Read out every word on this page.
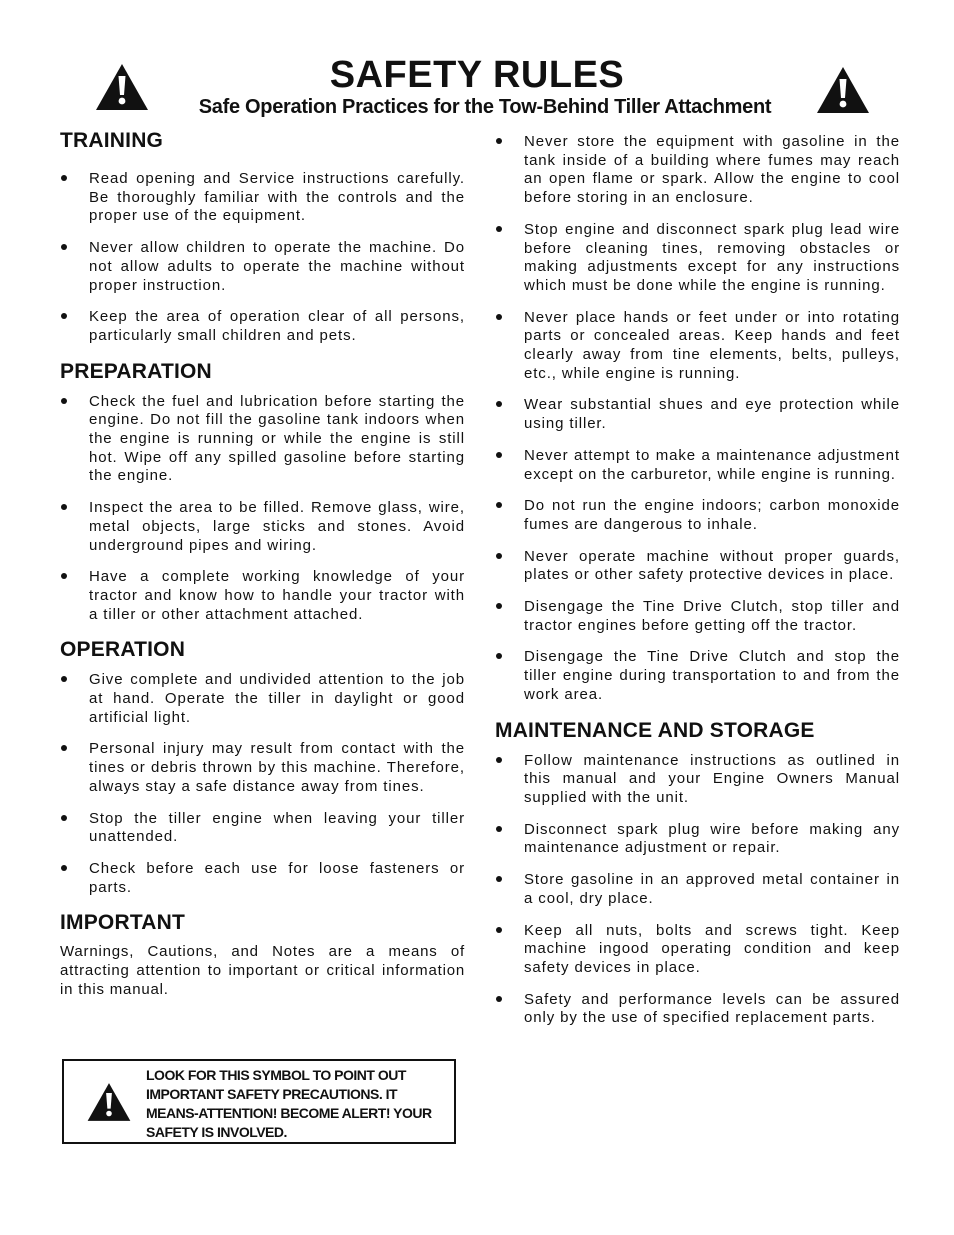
SAFETY RULES
Safe Operation Practices for the Tow-Behind Tiller Attachment
TRAINING
Read opening and Service instructions carefully. Be thoroughly familiar with the controls and the proper use of the equipment.
Never allow children to operate the machine. Do not allow adults to operate the machine without proper instruction.
Keep the area of operation clear of all persons, particularly small children and pets.
PREPARATION
Check the fuel and lubrication before starting the engine. Do not fill the gasoline tank indoors when the engine is running or while the engine is still hot. Wipe off any spilled gasoline before starting the engine.
Inspect the area to be filled. Remove glass, wire, metal objects, large sticks and stones. Avoid underground pipes and wiring.
Have a complete working knowledge of your tractor and know how to handle your tractor with a tiller or other attachment attached.
OPERATION
Give complete and undivided attention to the job at hand. Operate the tiller in daylight or good artificial light.
Personal injury may result from contact with the tines or debris thrown by this machine. Therefore, always stay a safe distance away from tines.
Stop the tiller engine when leaving your tiller unattended.
Check before each use for loose fasteners or parts.
IMPORTANT

Warnings, Cautions, and Notes are a means of attracting attention to important or critical information in this manual.

LOOK FOR THIS SYMBOL TO POINT OUT IMPORTANT SAFETY PRECAUTIONS. IT MEANS-ATTENTION! BECOME ALERT! YOUR SAFETY IS INVOLVED.
Never store the equipment with gasoline in the tank inside of a building where fumes may reach an open flame or spark. Allow the engine to cool before storing in an enclosure.
Stop engine and disconnect spark plug lead wire before cleaning tines, removing obstacles or making adjustments except for any instructions which must be done while the engine is running.
Never place hands or feet under or into rotating parts or concealed areas. Keep hands and feet clearly away from tine elements, belts, pulleys, etc., while engine is running.
Wear substantial shues and eye protection while using tiller.
Never attempt to make a maintenance adjustment except on the carburetor, while engine is running.
Do not run the engine indoors; carbon monoxide fumes are dangerous to inhale.
Never operate machine without proper guards, plates or other safety protective devices in place.
Disengage the Tine Drive Clutch, stop tiller and tractor engines before getting off the tractor.
Disengage the Tine Drive Clutch and stop the tiller engine during transportation to and from the work area.
MAINTENANCE AND STORAGE
Follow maintenance instructions as outlined in this manual and your Engine Owners Manual supplied with the unit.
Disconnect spark plug wire before making any maintenance adjustment or repair.
Store gasoline in an approved metal container in a cool, dry place.
Keep all nuts, bolts and screws tight. Keep machine ingood operating condition and keep safety devices in place.
Safety and performance levels can be assured only by the use of specified replacement parts.
